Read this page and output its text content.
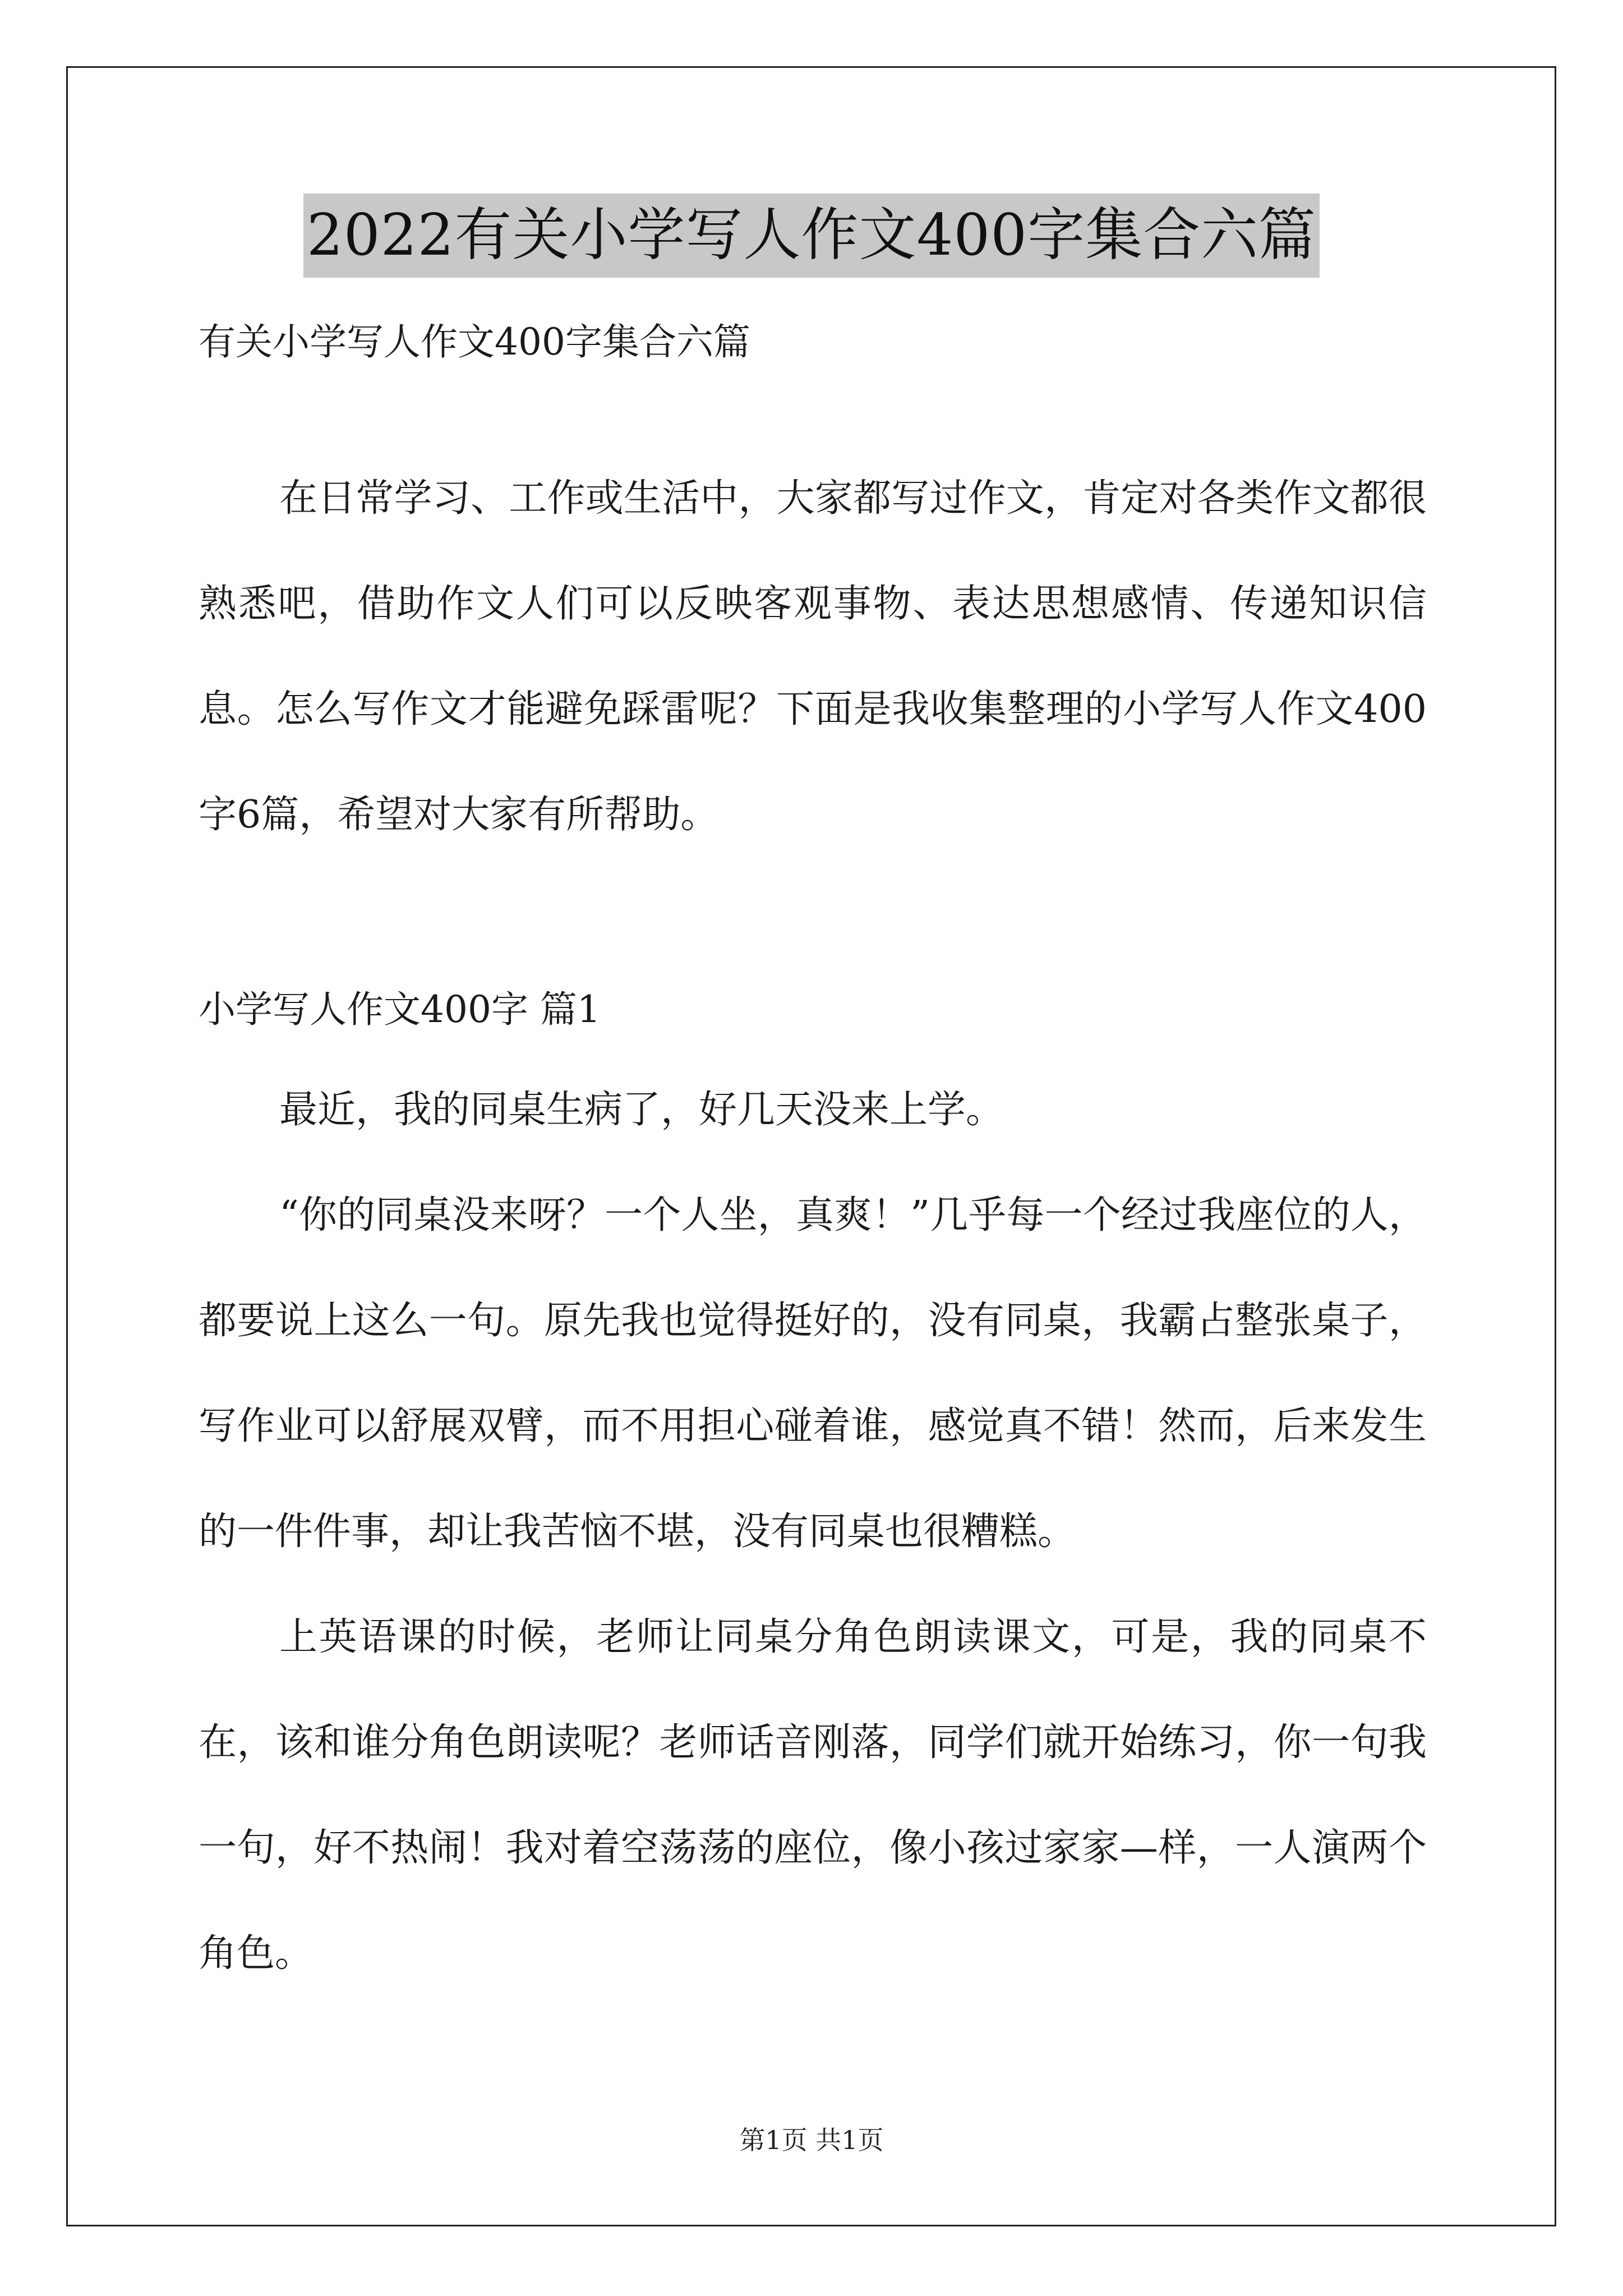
2022有关小学写人作文400字集合六篇
有关小学写人作文400字集合六篇

在日常学习、工作或生活中，大家都写过作文，肯定对各类作文都很熟悉吧，借助作文人们可以反映客观事物、表达思想感情、传递知识信息。怎么写作文才能避免踩雷呢？下面是我收集整理的小学写人作文400字6篇，希望对大家有所帮助。

小学写人作文400字 篇1

最近，我的同桌生病了，好几天没来上学。

“你的同桌没来呀？一个人坐，真爽！”几乎每一个经过我座位的人，都要说上这么一句。原先我也觉得挺好的，没有同桌，我霸占整张桌子，写作业可以舒展双臂，而不用担心碰着谁，感觉真不错！然而，后来发生的一件件事，却让我苦恼不堪，没有同桌也很糟糕。

上英语课的时候，老师让同桌分角色朗读课文，可是，我的同桌不在，该和谁分角色朗读呢？老师话音刚落，同学们就开始练习，你一句我一句，好不热闹！我对着空荡荡的座位，像小孩过家家—样，一人演两个角色。

第1页 共1页
